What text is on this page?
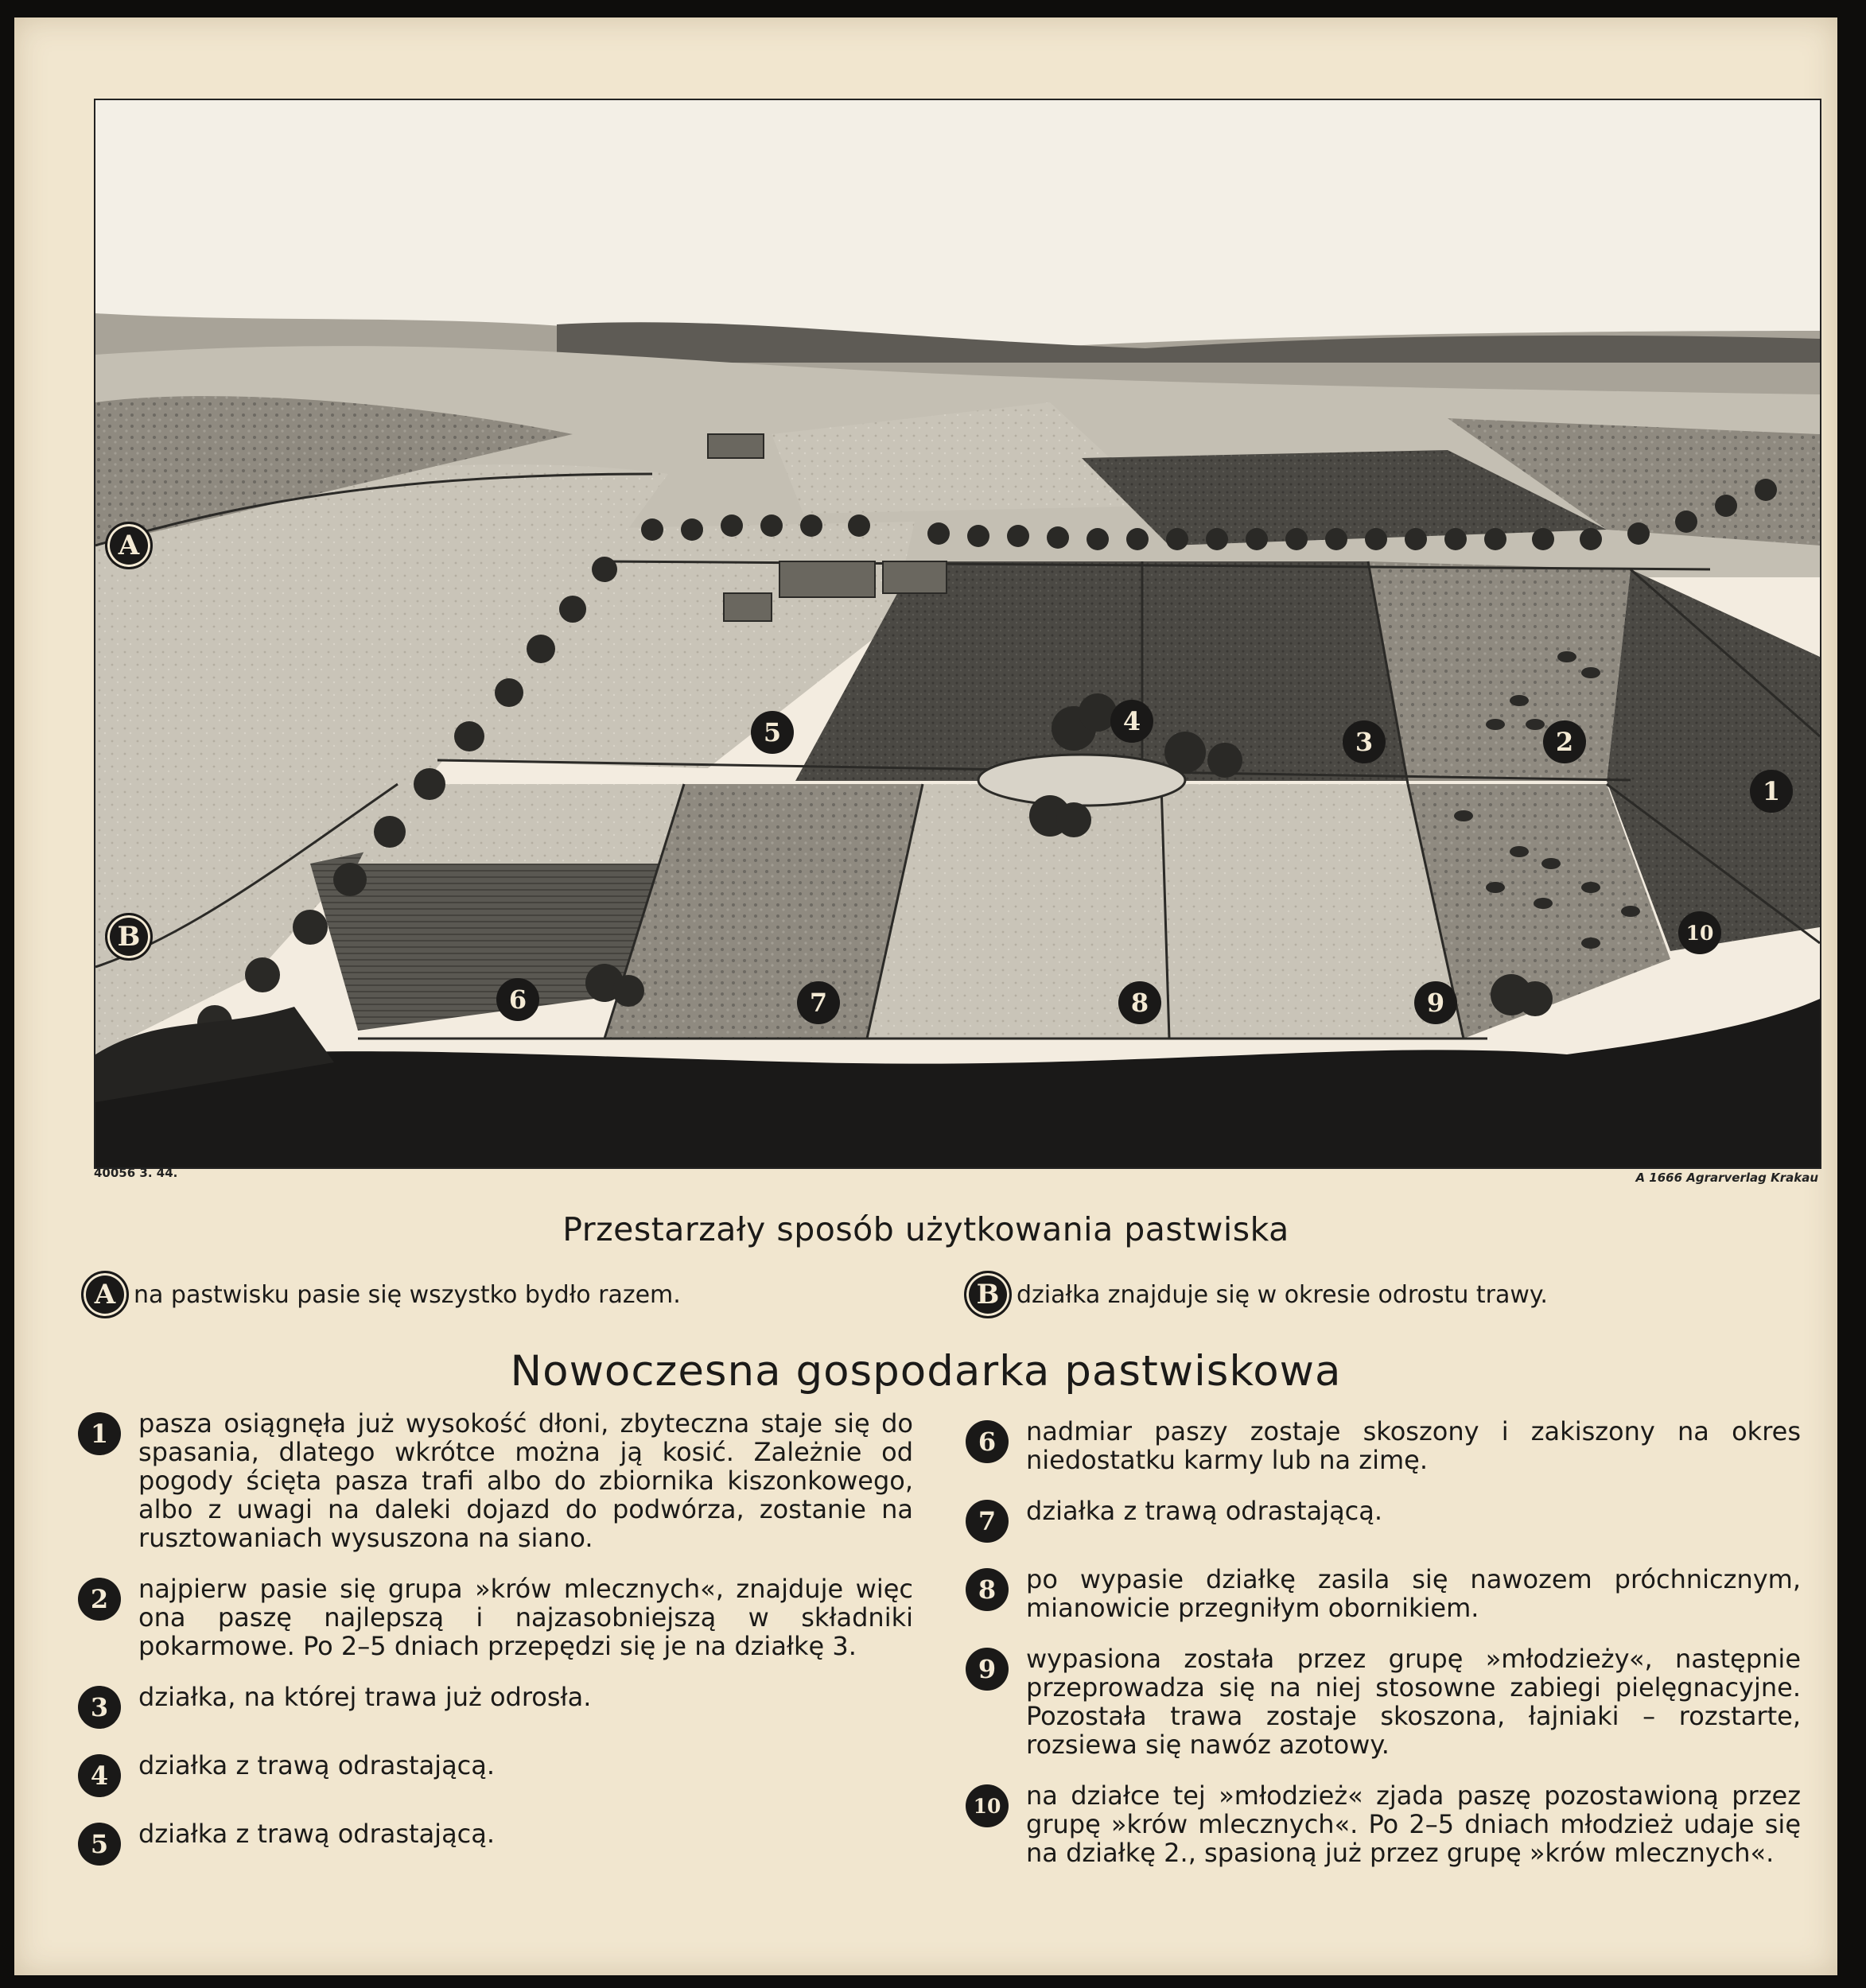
A
B
1
2
3
4
5
6	7	8	9
10
40056 3. 44.	A 1666 Agrarverlag Krakau
Przestarzały sposób użytkowania pastwiska
A na pastwisku pasie się wszystko bydło razem.	B działka znajduje się w okresie odrostu trawy.
Nowoczesna gospodarka pastwiskowa
1	pasza osiągnęła już wysokość dłoni, zbyteczna staje się do spasania, dlatego wkrótce można ją kosić. Zależnie od pogody ścięta pasza trafi albo do zbiornika kiszonkowego, albo z uwagi na daleki dojazd do podwórza, zostanie na rusztowaniach wysuszona na siano.
2	najpierw pasie się grupa »krów mlecznych«, znajduje więc ona paszę najlepszą i najzasobniejszą w składniki pokarmowe. Po 2–5 dniach przepędzi się je na działkę 3.
3	działka, na której trawa już odrosła.
4	działka z trawą odrastającą.
5	działka z trawą odrastającą.
6	nadmiar paszy zostaje skoszony i zakiszony na okres niedostatku karmy lub na zimę.
7	działka z trawą odrastającą.
8	po wypasie działkę zasila się nawozem próchnicznym, mianowicie przegniłym obornikiem.
9	wypasiona została przez grupę »młodzieży«, następnie przeprowadza się na niej stosowne zabiegi pielęgnacyjne. Pozostała trawa zostaje skoszona, łajniaki – rozstarte, rozsiewa się nawóz azotowy.
10 na działce tej »młodzież« zjada paszę pozostawioną przez grupę »krów mlecznych«. Po 2–5 dniach młodzież udaje się na działkę 2., spasioną już przez grupę »krów mlecznych«.
